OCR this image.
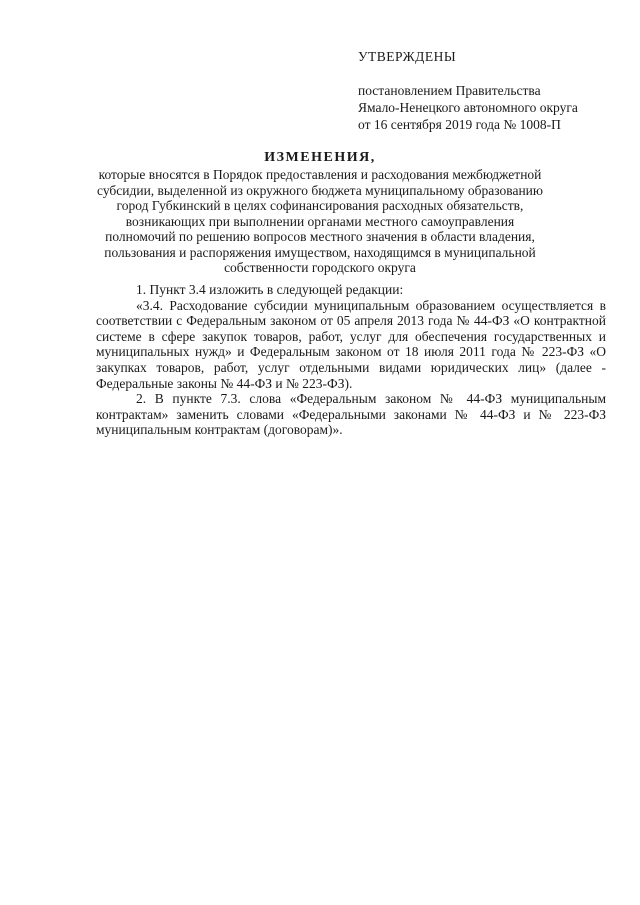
УТВЕРЖДЕНЫ
постановлением Правительства
Ямало-Ненецкого автономного округа
от 16 сентября 2019 года № 1008-П
ИЗМЕНЕНИЯ,
которые вносятся в Порядок предоставления и расходования межбюджетной субсидии, выделенной из окружного бюджета муниципальному образованию город Губкинский в целях софинансирования расходных обязательств, возникающих при выполнении органами местного самоуправления полномочий по решению вопросов местного значения в области владения, пользования и распоряжения имуществом, находящимся в муниципальной собственности городского округа

1. Пункт 3.4 изложить в следующей редакции:

«3.4. Расходование субсидии муниципальным образованием осуществляется в соответствии с Федеральным законом от 05 апреля 2013 года № 44-ФЗ «О контрактной системе в сфере закупок товаров, работ, услуг для обеспечения государственных и муниципальных нужд» и Федеральным законом от 18 июля 2011 года № 223-ФЗ «О закупках товаров, работ, услуг отдельными видами юридических лиц» (далее - Федеральные законы № 44-ФЗ и № 223-ФЗ).

2. В пункте 7.3. слова «Федеральным законом № 44-ФЗ муниципальным контрактам» заменить словами «Федеральными законами № 44-ФЗ и № 223-ФЗ муниципальным контрактам (договорам)».
